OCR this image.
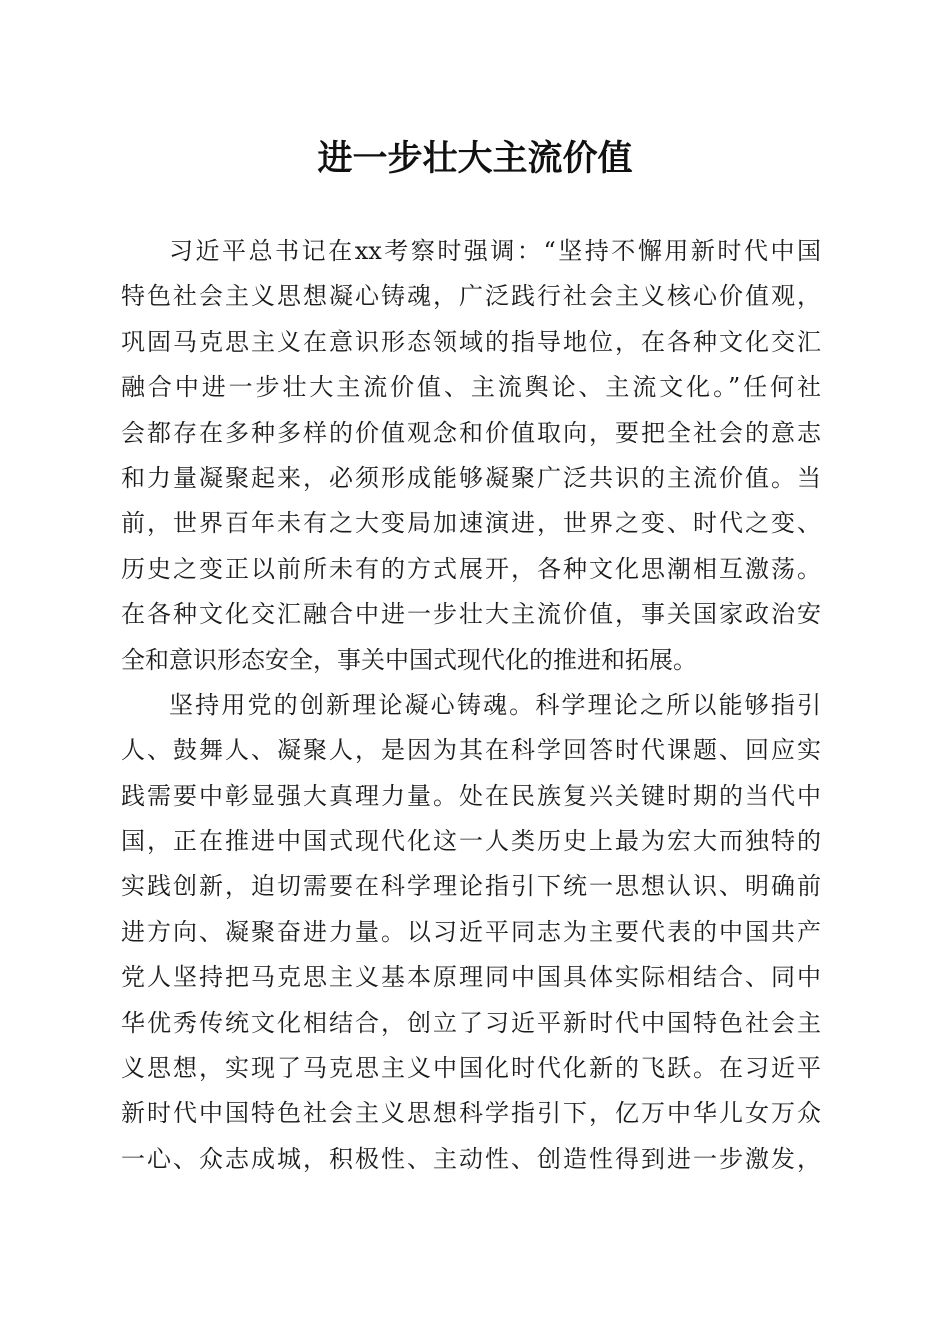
进一步壮大主流价值
习近平总书记在xx考察时强调：“坚持不懈用新时代中国
特色社会主义思想凝心铸魂，广泛践行社会主义核心价值观，
巩固马克思主义在意识形态领域的指导地位，在各种文化交汇
融合中进一步壮大主流价值、主流舆论、主流文化。”任何社
会都存在多种多样的价值观念和价值取向，要把全社会的意志
和力量凝聚起来，必须形成能够凝聚广泛共识的主流价值。当
前，世界百年未有之大变局加速演进，世界之变、时代之变、
历史之变正以前所未有的方式展开，各种文化思潮相互激荡。
在各种文化交汇融合中进一步壮大主流价值，事关国家政治安
全和意识形态安全，事关中国式现代化的推进和拓展。
坚持用党的创新理论凝心铸魂。科学理论之所以能够指引
人、鼓舞人、凝聚人，是因为其在科学回答时代课题、回应实
践需要中彰显强大真理力量。处在民族复兴关键时期的当代中
国，正在推进中国式现代化这一人类历史上最为宏大而独特的
实践创新，迫切需要在科学理论指引下统一思想认识、明确前
进方向、凝聚奋进力量。以习近平同志为主要代表的中国共产
党人坚持把马克思主义基本原理同中国具体实际相结合、同中
华优秀传统文化相结合，创立了习近平新时代中国特色社会主
义思想，实现了马克思主义中国化时代化新的飞跃。在习近平
新时代中国特色社会主义思想科学指引下，亿万中华儿女万众
一心、众志成城，积极性、主动性、创造性得到进一步激发，
